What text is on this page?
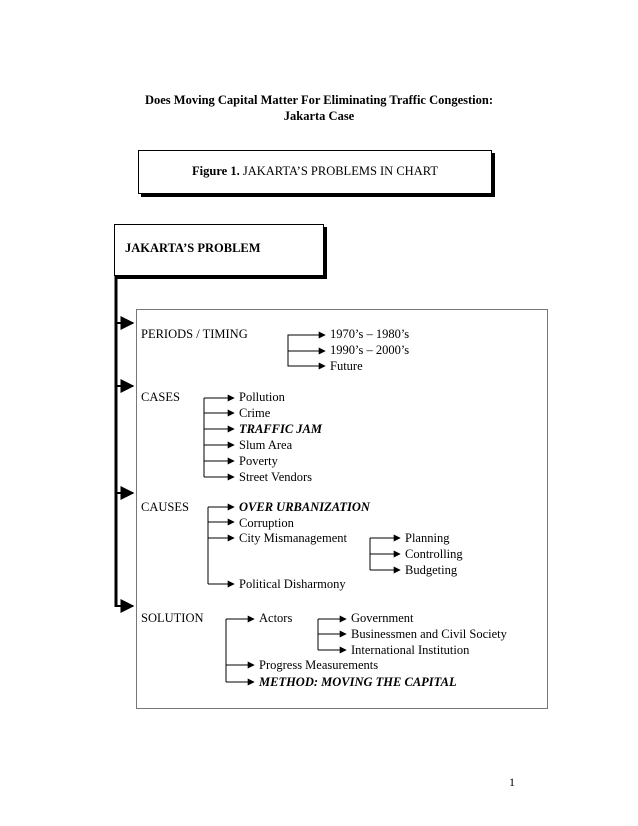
Does Moving Capital Matter For Eliminating Traffic Congestion:
Jakarta Case
Figure 1. JAKARTA’S PROBLEMS IN CHART
JAKARTA’S PROBLEM
PERIODS / TIMING	1970’s – 1980’s
1990’s – 2000’s
Future
CASES	Pollution
Crime
TRAFFIC JAM
Slum Area
Poverty
Street Vendors
CAUSES	OVER URBANIZATION
Corruption
City Mismanagement	Planning
Controlling
Budgeting
Political Disharmony
SOLUTION	Actors	Government
Businessmen and Civil Society
International Institution
Progress Measurements
METHOD: MOVING THE CAPITAL
1
